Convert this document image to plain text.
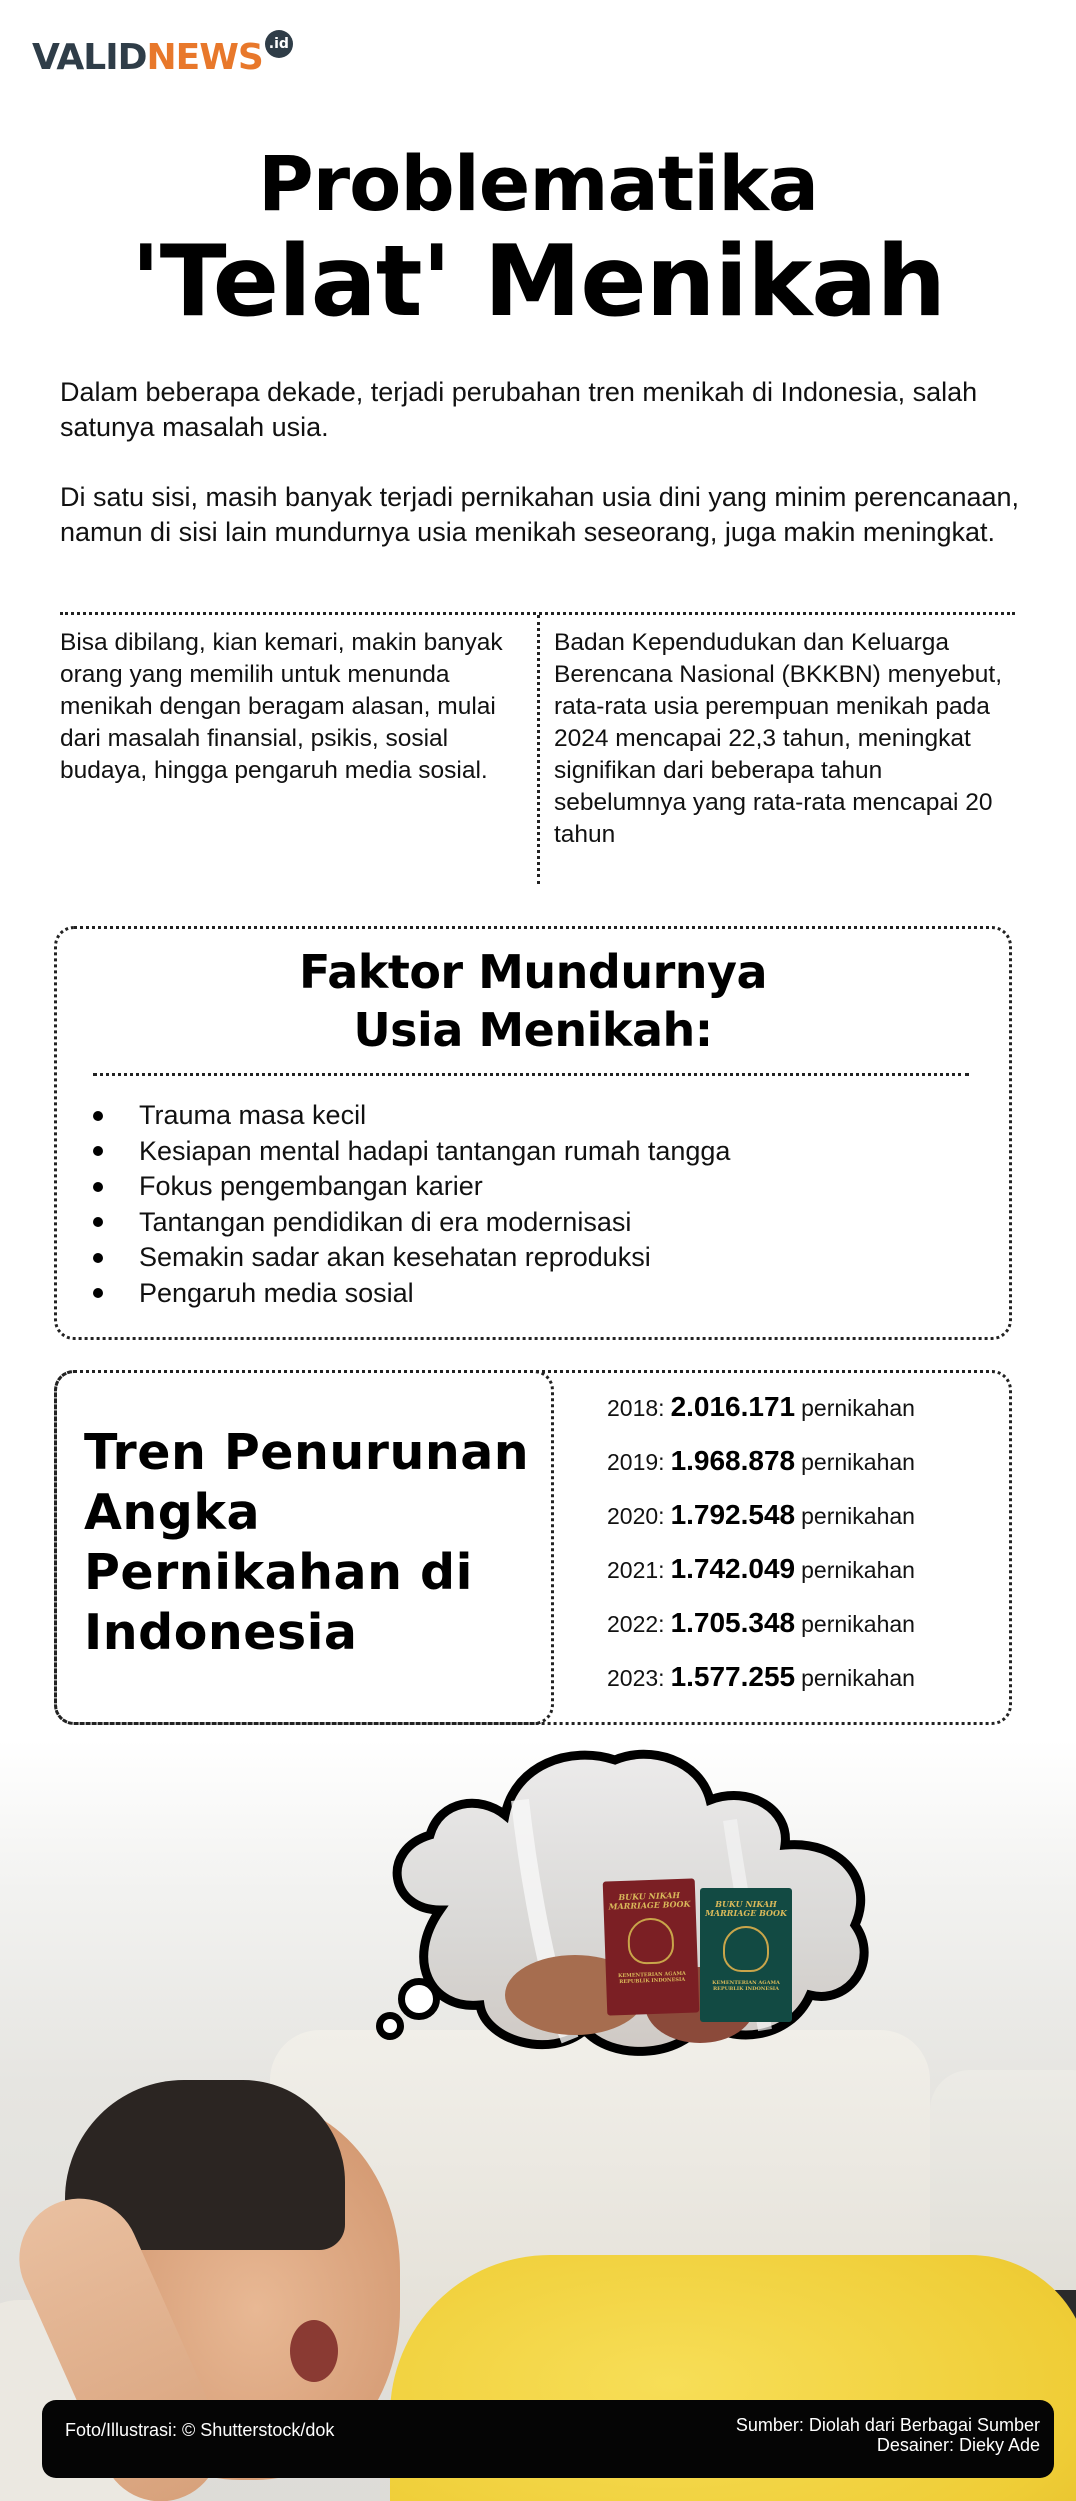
VALID NEWS .id
Problematika
'Telat' Menikah

Dalam beberapa dekade, terjadi perubahan tren menikah di Indonesia, salah satunya masalah usia.

Di satu sisi, masih banyak terjadi pernikahan usia dini yang minim perencanaan, namun di sisi lain mundurnya usia menikah seseorang, juga makin meningkat.

Bisa dibilang, kian kemari, makin banyak orang yang memilih untuk menunda menikah dengan beragam alasan, mulai dari masalah finansial, psikis, sosial budaya, hingga pengaruh media sosial.
Badan Kependudukan dan Keluarga Berencana Nasional (BKKBN) menyebut, rata-rata usia perempuan menikah pada 2024 mencapai 22,3 tahun, meningkat signifikan dari beberapa tahun sebelumnya yang rata-rata mencapai 20 tahun
Faktor Mundurnya
Usia Menikah:
Trauma masa kecil
Kesiapan mental hadapi tantangan rumah tangga
Fokus pengembangan karier
Tantangan pendidikan di era modernisasi
Semakin sadar akan kesehatan reproduksi
Pengaruh media sosial
Tren Penurunan
Angka
Pernikahan di
Indonesia
2018: 2.016.171 pernikahan
2019: 1.968.878 pernikahan
2020: 1.792.548 pernikahan
2021: 1.742.049 pernikahan
2022: 1.705.348 pernikahan
2023: 1.577.255 pernikahan
BUKU NIKAH
MARRIAGE BOOK
KEMENTERIAN AGAMA REPUBLIK INDONESIA
BUKU NIKAH
MARRIAGE BOOK
KEMENTERIAN AGAMA REPUBLIK INDONESIA
Foto/Illustrasi: © Shutterstock/dok	Sumber: Diolah dari Berbagai Sumber
Desainer: Dieky Ade
